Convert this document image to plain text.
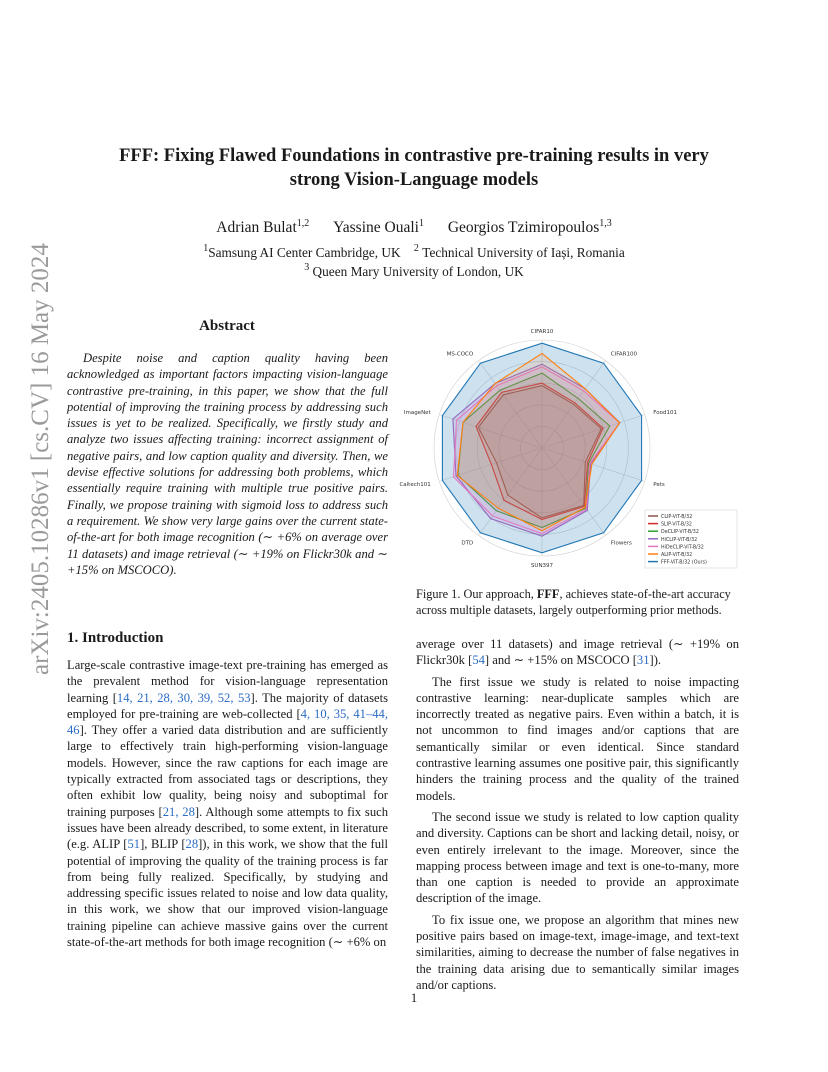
arXiv:2405.10286v1 [cs.CV] 16 May 2024
FFF: Fixing Flawed Foundations in contrastive pre-training results in very
strong Vision-Language models
Adrian Bulat$^{1,2}$ Yassine Ouali$^1$ Georgios Tzimiropoulos$^{1,3}$
$^1$Samsung AI Center Cambridge, UK $^2$ Technical University of Iași, Romania
$^3$ Queen Mary University of London, UK
Abstract

Despite noise and caption quality having been acknowledged as important factors impacting vision-language contrastive pre-training, in this paper, we show that the full potential of improving the training process by addressing such issues is yet to be realized. Specifically, we firstly study and analyze two issues affecting training: incorrect assignment of negative pairs, and low caption quality and diversity. Then, we devise effective solutions for addressing both problems, which essentially require training with multiple true positive pairs. Finally, we propose training with sigmoid loss to address such a requirement. We show very large gains over the current state-of-the-art for both image recognition (∼ +6% on average over 11 datasets) and image retrieval (∼ +19% on Flickr30k and ∼ +15% on MSCOCO).

1. Introduction

Large-scale contrastive image-text pre-training has emerged as the prevalent method for vision-language representation learning [14, 21, 28, 30, 39, 52, 53]. The majority of datasets employed for pre-training are web-collected [4, 10, 35, 41–44, 46]. They offer a varied data distribution and are sufficiently large to effectively train high-performing vision-language models. However, since the raw captions for each image are typically extracted from associated tags or descriptions, they often exhibit low quality, being noisy and suboptimal for training purposes [21, 28]. Although some attempts to fix such issues have been already described, to some extent, in literature (e.g. ALIP [51], BLIP [28]), in this work, we show that the full potential of improving the quality of the training process is far from being fully realized. Specifically, by studying and addressing specific issues related to noise and low data quality, in this work, we show that our improved vision-language training pipeline can achieve massive gains over the current state-of-the-art methods for both image recognition (∼ +6% on

CIFAR10
CIFAR100
Food101
Pets
Flowers
SUN397
DTD
Caltech101
ImageNet
MS-COCO
CLIP-ViT-B/32
SLIP-ViT-B/32
DeCLIP-ViT-B/32
HiCLIP-ViT-B/32
HiDeCLIP-ViT-B/32
ALIP-ViT-B/32
FFF-ViT-B/32 (Ours)

Figure 1. Our approach, FFF, achieves state-of-the-art accuracy across multiple datasets, largely outperforming prior methods.

average over 11 datasets) and image retrieval (∼ +19% on Flickr30k [54] and ∼ +15% on MSCOCO [31]).

The first issue we study is related to noise impacting contrastive learning: near-duplicate samples which are incorrectly treated as negative pairs. Even within a batch, it is not uncommon to find images and/or captions that are semantically similar or even identical. Since standard contrastive learning assumes one positive pair, this significantly hinders the training process and the quality of the trained models.

The second issue we study is related to low caption quality and diversity. Captions can be short and lacking detail, noisy, or even entirely irrelevant to the image. Moreover, since the mapping process between image and text is one-to-many, more than one caption is needed to provide an approximate description of the image.

To fix issue one, we propose an algorithm that mines new positive pairs based on image-text, image-image, and text-text similarities, aiming to decrease the number of false negatives in the training data arising due to semantically similar images and/or captions.

1
